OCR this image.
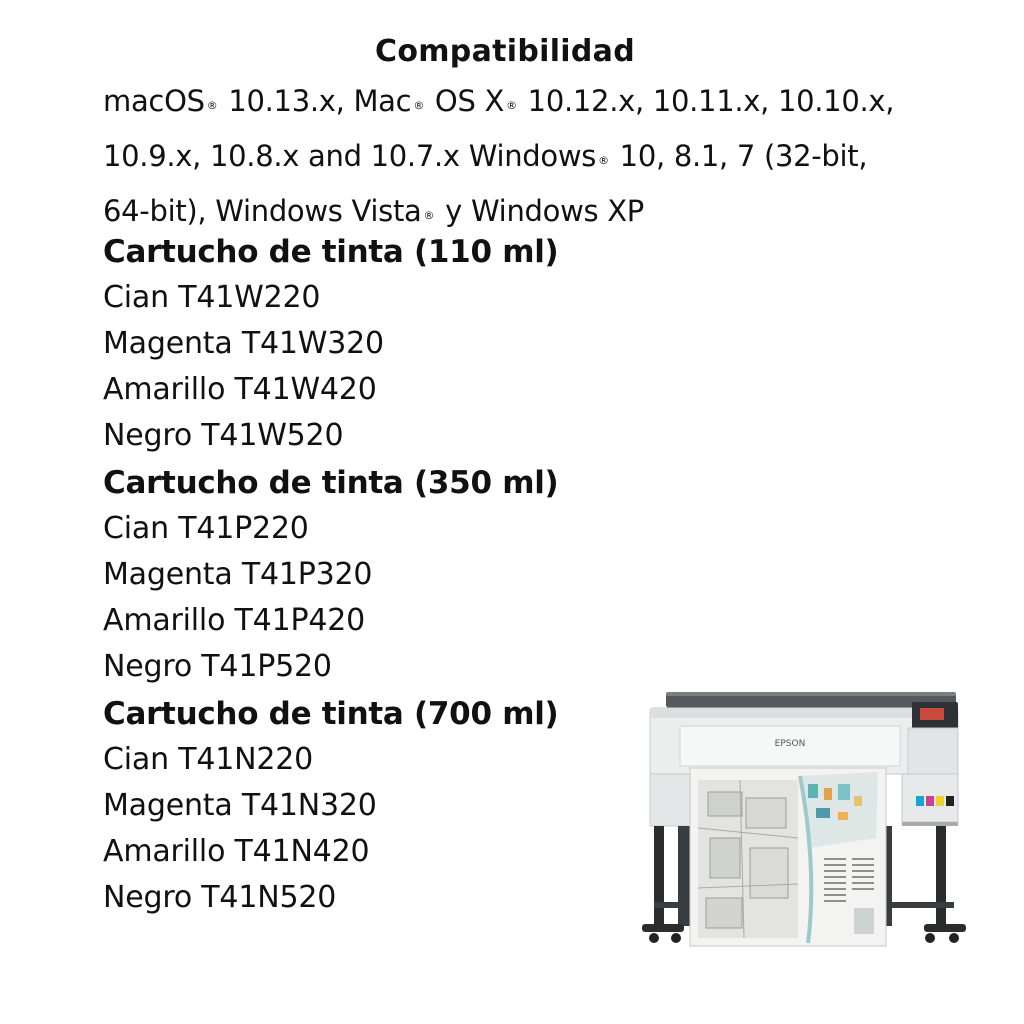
Compatibilidad
macOS ® 10.13.x, Mac ® OS X ® 10.12.x, 10.11.x, 10.10.x,
10.9.x, 10.8.x and 10.7.x Windows ® 10, 8.1, 7 (32-bit,
64-bit), Windows Vista ® y Windows XP
Cartucho de tinta (110 ml)
Cian T41W220
Magenta T41W320
Amarillo T41W420
Negro T41W520
Cartucho de tinta (350 ml)
Cian T41P220
Magenta T41P320
Amarillo T41P420
Negro T41P520
Cartucho de tinta (700 ml)
Cian T41N220
Magenta T41N320
Amarillo T41N420
Negro T41N520
EPSON
